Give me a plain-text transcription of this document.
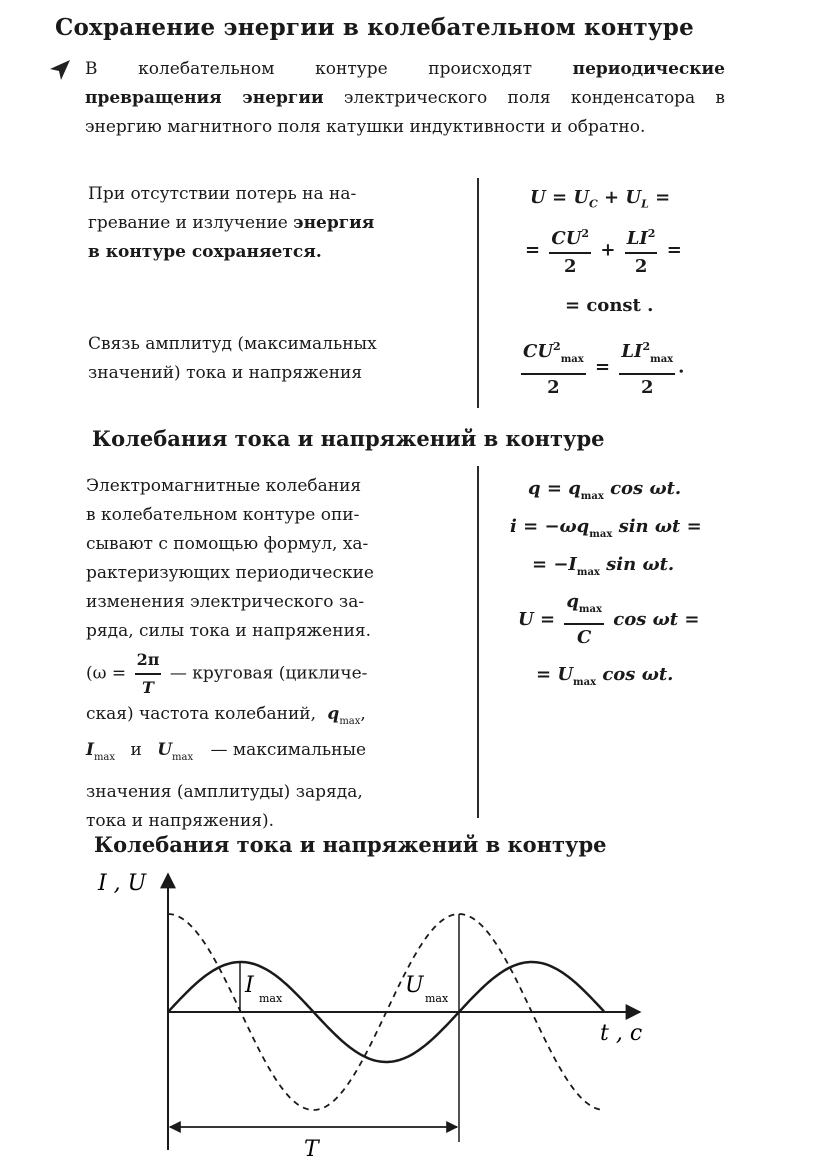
Сохранение энергии в колебательном контуре
В колебательном контуре происходят периодические превращения энергии электрического поля конденсатора в энергию магнитного поля катушки индуктивности и обратно.
При отсутствии потерь на на-
гревание и излучение энергия
в контуре сохраняется.
$U = U_C + U_L$ =
= $\frac{CU^2}{2} + \frac{LI^2}{2}$ =
= const .
Связь амплитуд (максимальных
значений) тока и напряжения	$\frac{CU^2_{max}}{2} = \frac{LI^2_{max}}{2}$ .
Колебания тока и напряжений в контуре
Электромагнитные колебания
в колебательном контуре опи-
сывают с помощью формул, ха-
рактеризующих периодические
изменения электрического за-
ряда, силы тока и напряжения.
($\omega = \frac{2\pi}{T}$ — круговая (цикличе-
ская) частота колебаний, $q_{max}$,
$I_{max}$ и $U_{max}$ — максимальные
значения (амплитуды) заряда,
тока и напряжения).
$q = q_{max}$ cos ωt.
$i = -\omega q_{max}$ sin ωt =
= $-I_{max}$ sin ωt.
$U = \frac{q_{max}}{C}$ cos ωt =
= $U_{max}$ cos ωt.
Колебания тока и напряжений в контуре
I , U
t , с
I
max
U
max
T
